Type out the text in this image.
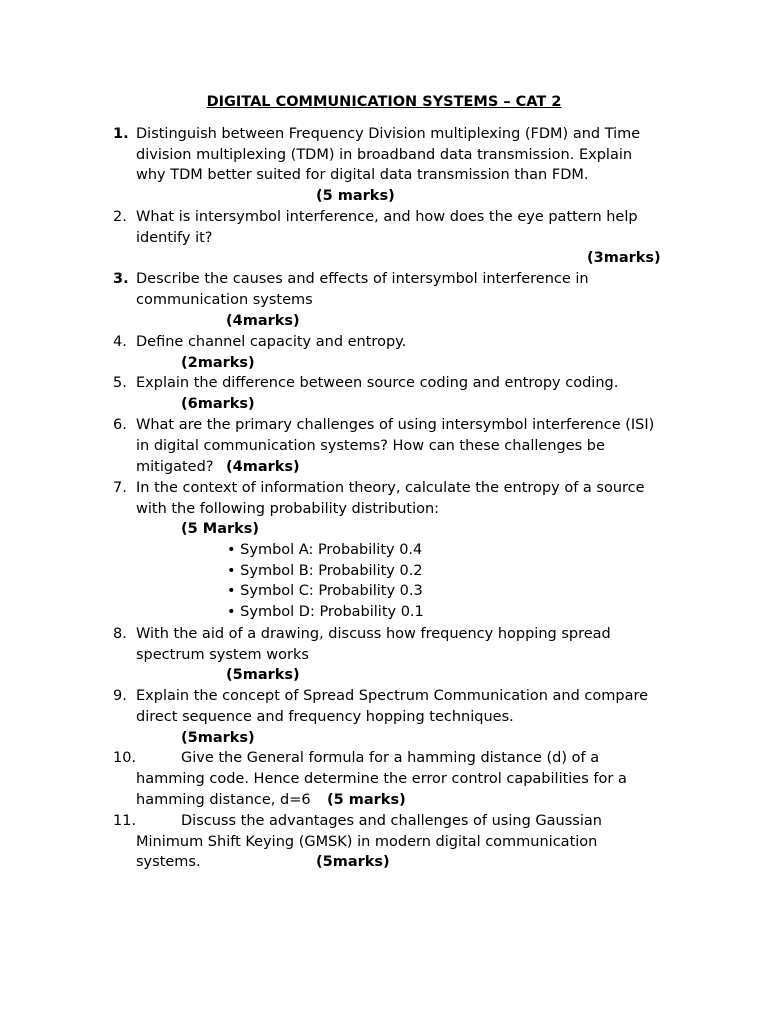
DIGITAL COMMUNICATION SYSTEMS – CAT 2
1. Distinguish between Frequency Division multiplexing (FDM) and Time
division multiplexing (TDM) in broadband data transmission. Explain
why TDM better suited for digital data transmission than FDM.
(5 marks)
2. What is intersymbol interference, and how does the eye pattern help
identify it?
(3marks)
3. Describe the causes and effects of intersymbol interference in
communication systems
(4marks)
4. Define channel capacity and entropy.
(2marks)
5. Explain the difference between source coding and entropy coding.
(6marks)
6. What are the primary challenges of using intersymbol interference (ISI)
in digital communication systems? How can these challenges be
mitigated? (4marks)
7. In the context of information theory, calculate the entropy of a source
with the following probability distribution:
(5 Marks)
• Symbol A: Probability 0.4
• Symbol B: Probability 0.2
• Symbol C: Probability 0.3
• Symbol D: Probability 0.1
8. With the aid of a drawing, discuss how frequency hopping spread
spectrum system works
(5marks)
9. Explain the concept of Spread Spectrum Communication and compare
direct sequence and frequency hopping techniques.
(5marks)
10.	Give the General formula for a hamming distance (d) of a
hamming code. Hence determine the error control capabilities for a
hamming distance, d=6 (5 marks)
11.	Discuss the advantages and challenges of using Gaussian
Minimum Shift Keying (GMSK) in modern digital communication
systems.	(5marks)
